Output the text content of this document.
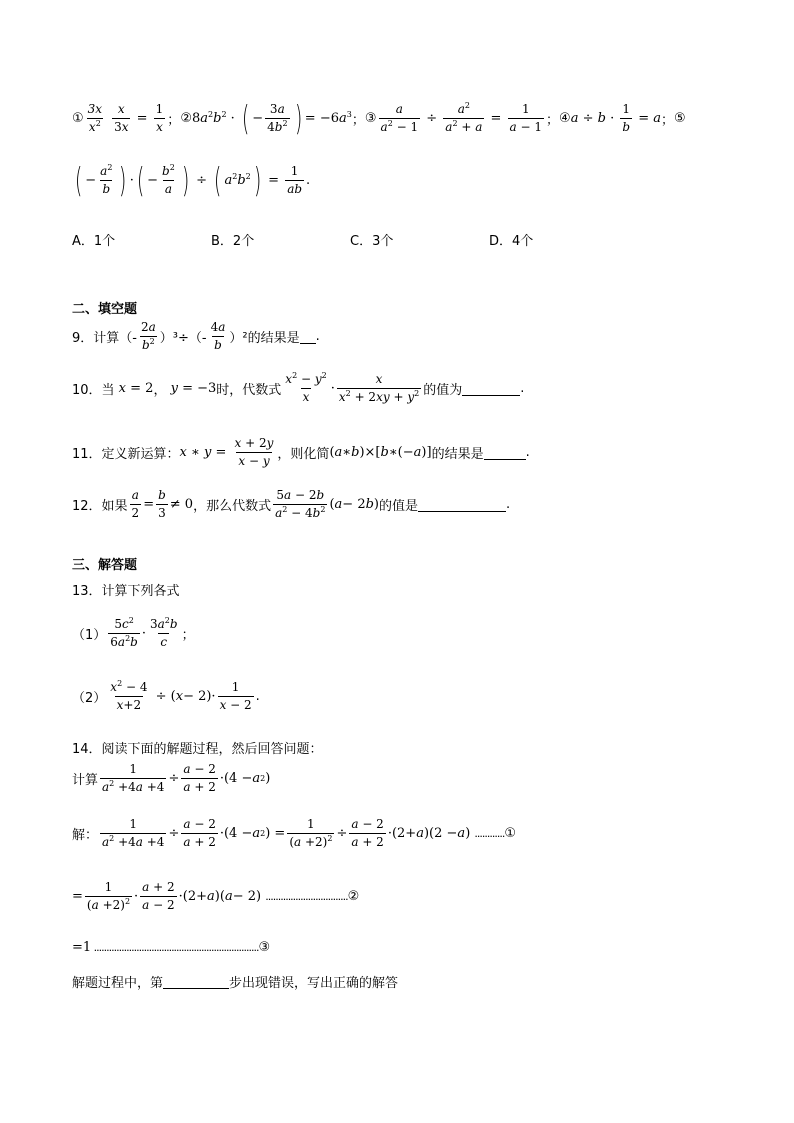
① $\frac{3x}{x^2} \frac{x}{3x} = \frac{1}{x}$ ； ② 8 $a^2b^2$ · ( − $\frac{3a}{4b^2}$ ) = −6 $a^3$ ； ③ $\frac{a}{a^2 - 1} \div \frac{a^2}{a^2 + a} = \frac{1}{a - 1}$ ； ④ $a \div b \cdot \frac{1}{b} = a$ ； ⑤
( − $\frac{a^2}{b}$ ) · ( − $\frac{b^2}{a}$ ) ÷ ( $a^2b^2$ ) = $\frac{1}{ab}$ .
A．1个	B．2个	C．3个	D．4个
二、填空题
9．计算（- $\frac{2a}{b^2} )^3\div(- \frac{4a}{b} )^2$的结果是 .
10．当 x = 2 ， y = −3 时，代数式 $\frac{x^2 - y^2}{x} \cdot \frac{x}{x^2 + 2xy + y^2}$ 的值为	.
11．定义新运算： x ∗ $y = \frac{x + 2y}{x - y}$ ，则化简 ( a ∗ b )×[ b ∗(− a )] 的结果是	.
12．如果 $\frac{a}{2} = \frac{b}{3} \ne 0$ ，那么代数式 $\frac{5a - 2b}{a^2 - 4b^2}$ ( a − 2 b ) 的值是	.
三、解答题
13．计算下列各式
$(1) \frac{5c^2}{6a^2b} \cdot \frac{3a^2b}{c}$ ；
$(2) \frac{x^2 - 4}{x+2}$ ÷ ( $x - 2)\cdot \frac{1}{x - 2}$ .
14．阅读下面的解题过程，然后回答问题：
计算 $\frac{1}{a^2 +4a +4} \div \frac{a - 2}{a + 2} \cdot(4 - a$ 2 )
解： $\frac{1}{a^2 +4a +4} \div \frac{a - 2}{a + 2} \cdot(4 - a$ 2 ) = $\frac{1}{(a +2)^2} \div \frac{a - 2}{a + 2} \cdot(2+ a$ )(2 − a ) ............ ①
= $\frac{1}{(a +2)^2} \cdot \frac{a + 2}{a - 2} \cdot(2+ a$ )( a − 2) ................................. ②
=1 .................................................................. ③
解题过程中，第	步出现错误，写出正确的解答
